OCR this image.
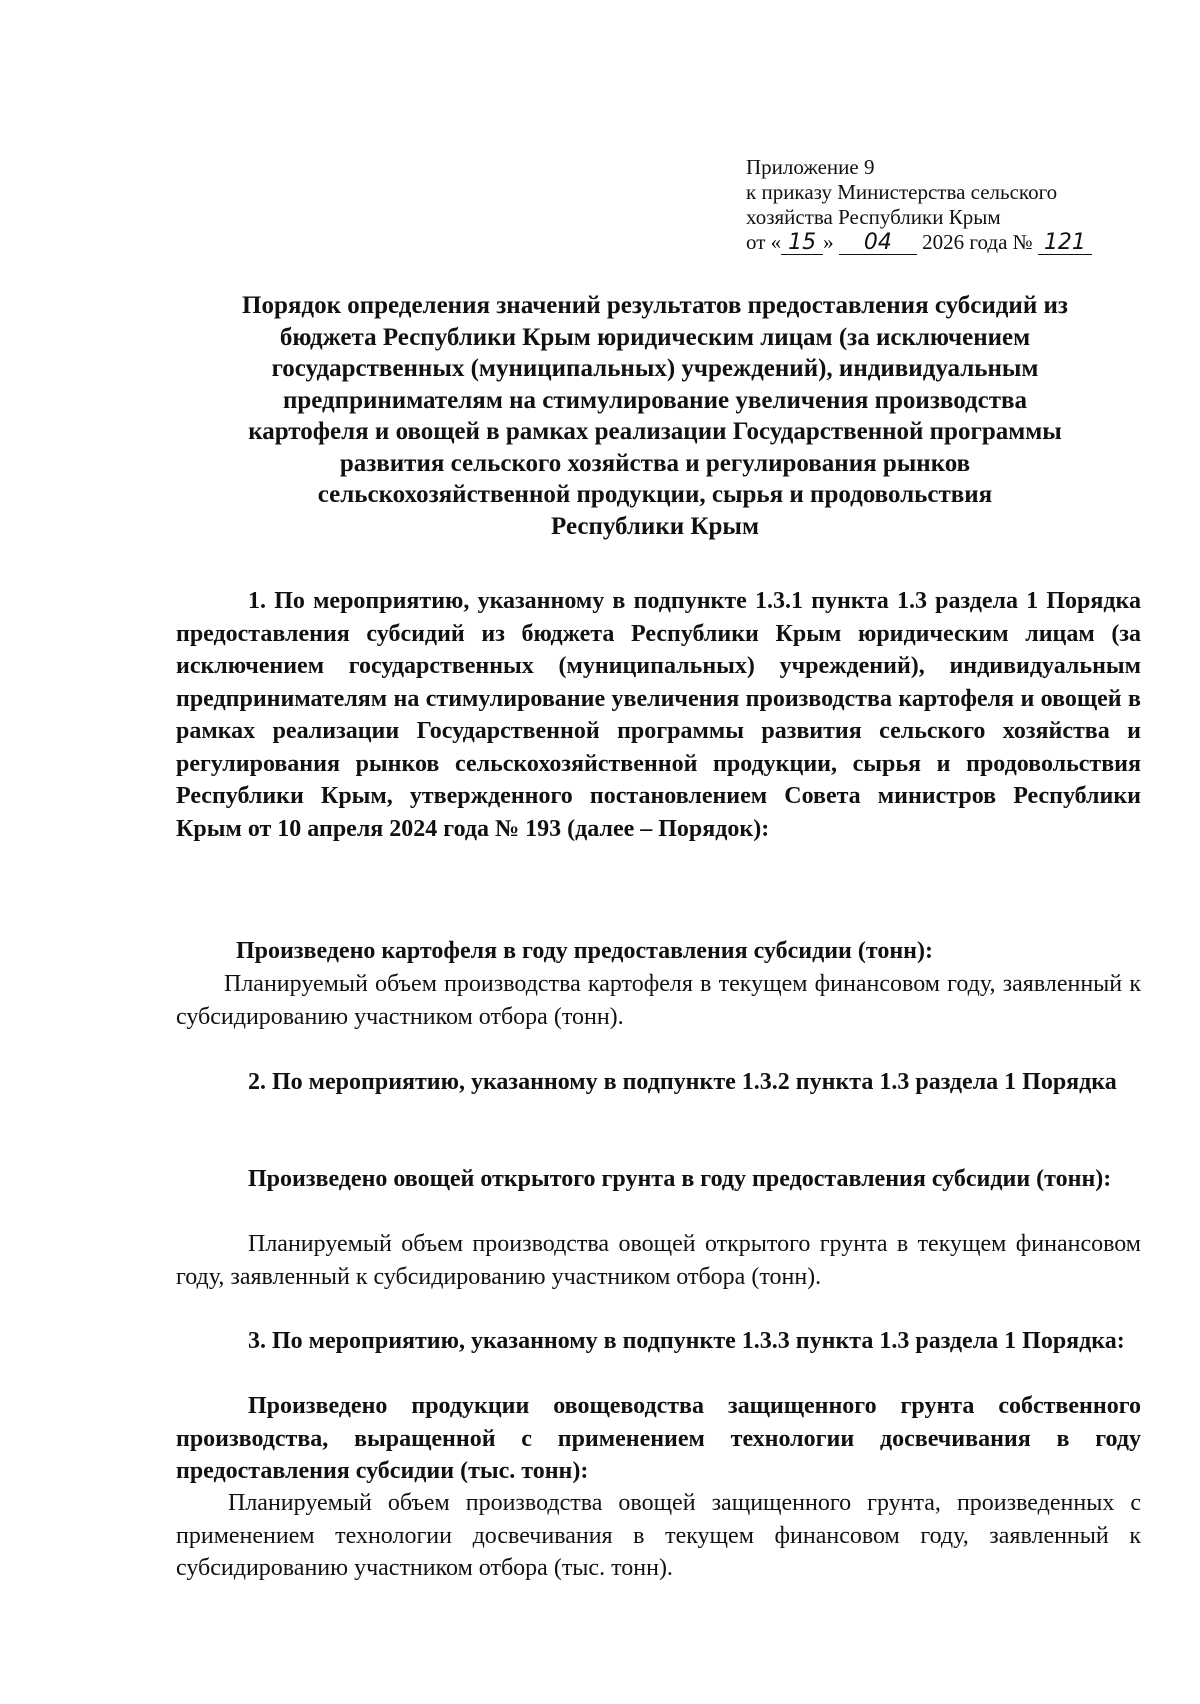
Приложение 9
к приказу Министерства сельского
хозяйства Республики Крым
от « 15 » 04 2026 года № 121
Порядок определения значений результатов предоставления субсидий из
бюджета Республики Крым юридическим лицам (за исключением
государственных (муниципальных) учреждений), индивидуальным
предпринимателям на стимулирование увеличения производства
картофеля и овощей в рамках реализации Государственной программы
развития сельского хозяйства и регулирования рынков
сельскохозяйственной продукции, сырья и продовольствия
Республики Крым
1. По мероприятию, указанному в подпункте 1.3.1 пункта 1.3 раздела 1 Порядка предоставления субсидий из бюджета Республики Крым юридическим лицам (за исключением государственных (муниципальных) учреждений), индивидуальным предпринимателям на стимулирование увеличения производства картофеля и овощей в рамках реализации Государственной программы развития сельского хозяйства и регулирования рынков сельскохозяйственной продукции, сырья и продовольствия Республики Крым, утвержденного постановлением Совета министров Республики Крым от 10 апреля 2024 года № 193 (далее – Порядок):
Произведено картофеля в году предоставления субсидии (тонн):
Планируемый объем производства картофеля в текущем финансовом году, заявленный к субсидированию участником отбора (тонн).
2. По мероприятию, указанному в подпункте 1.3.2 пункта 1.3 раздела 1 Порядка
Произведено овощей открытого грунта в году предоставления субсидии (тонн):
Планируемый объем производства овощей открытого грунта в текущем финансовом году, заявленный к субсидированию участником отбора (тонн).
3. По мероприятию, указанному в подпункте 1.3.3 пункта 1.3 раздела 1 Порядка:
Произведено продукции овощеводства защищенного грунта собственного производства, выращенной с применением технологии досвечивания в году предоставления субсидии (тыс. тонн):
Планируемый объем производства овощей защищенного грунта, произведенных с применением технологии досвечивания в текущем финансовом году, заявленный к субсидированию участником отбора (тыс. тонн).
